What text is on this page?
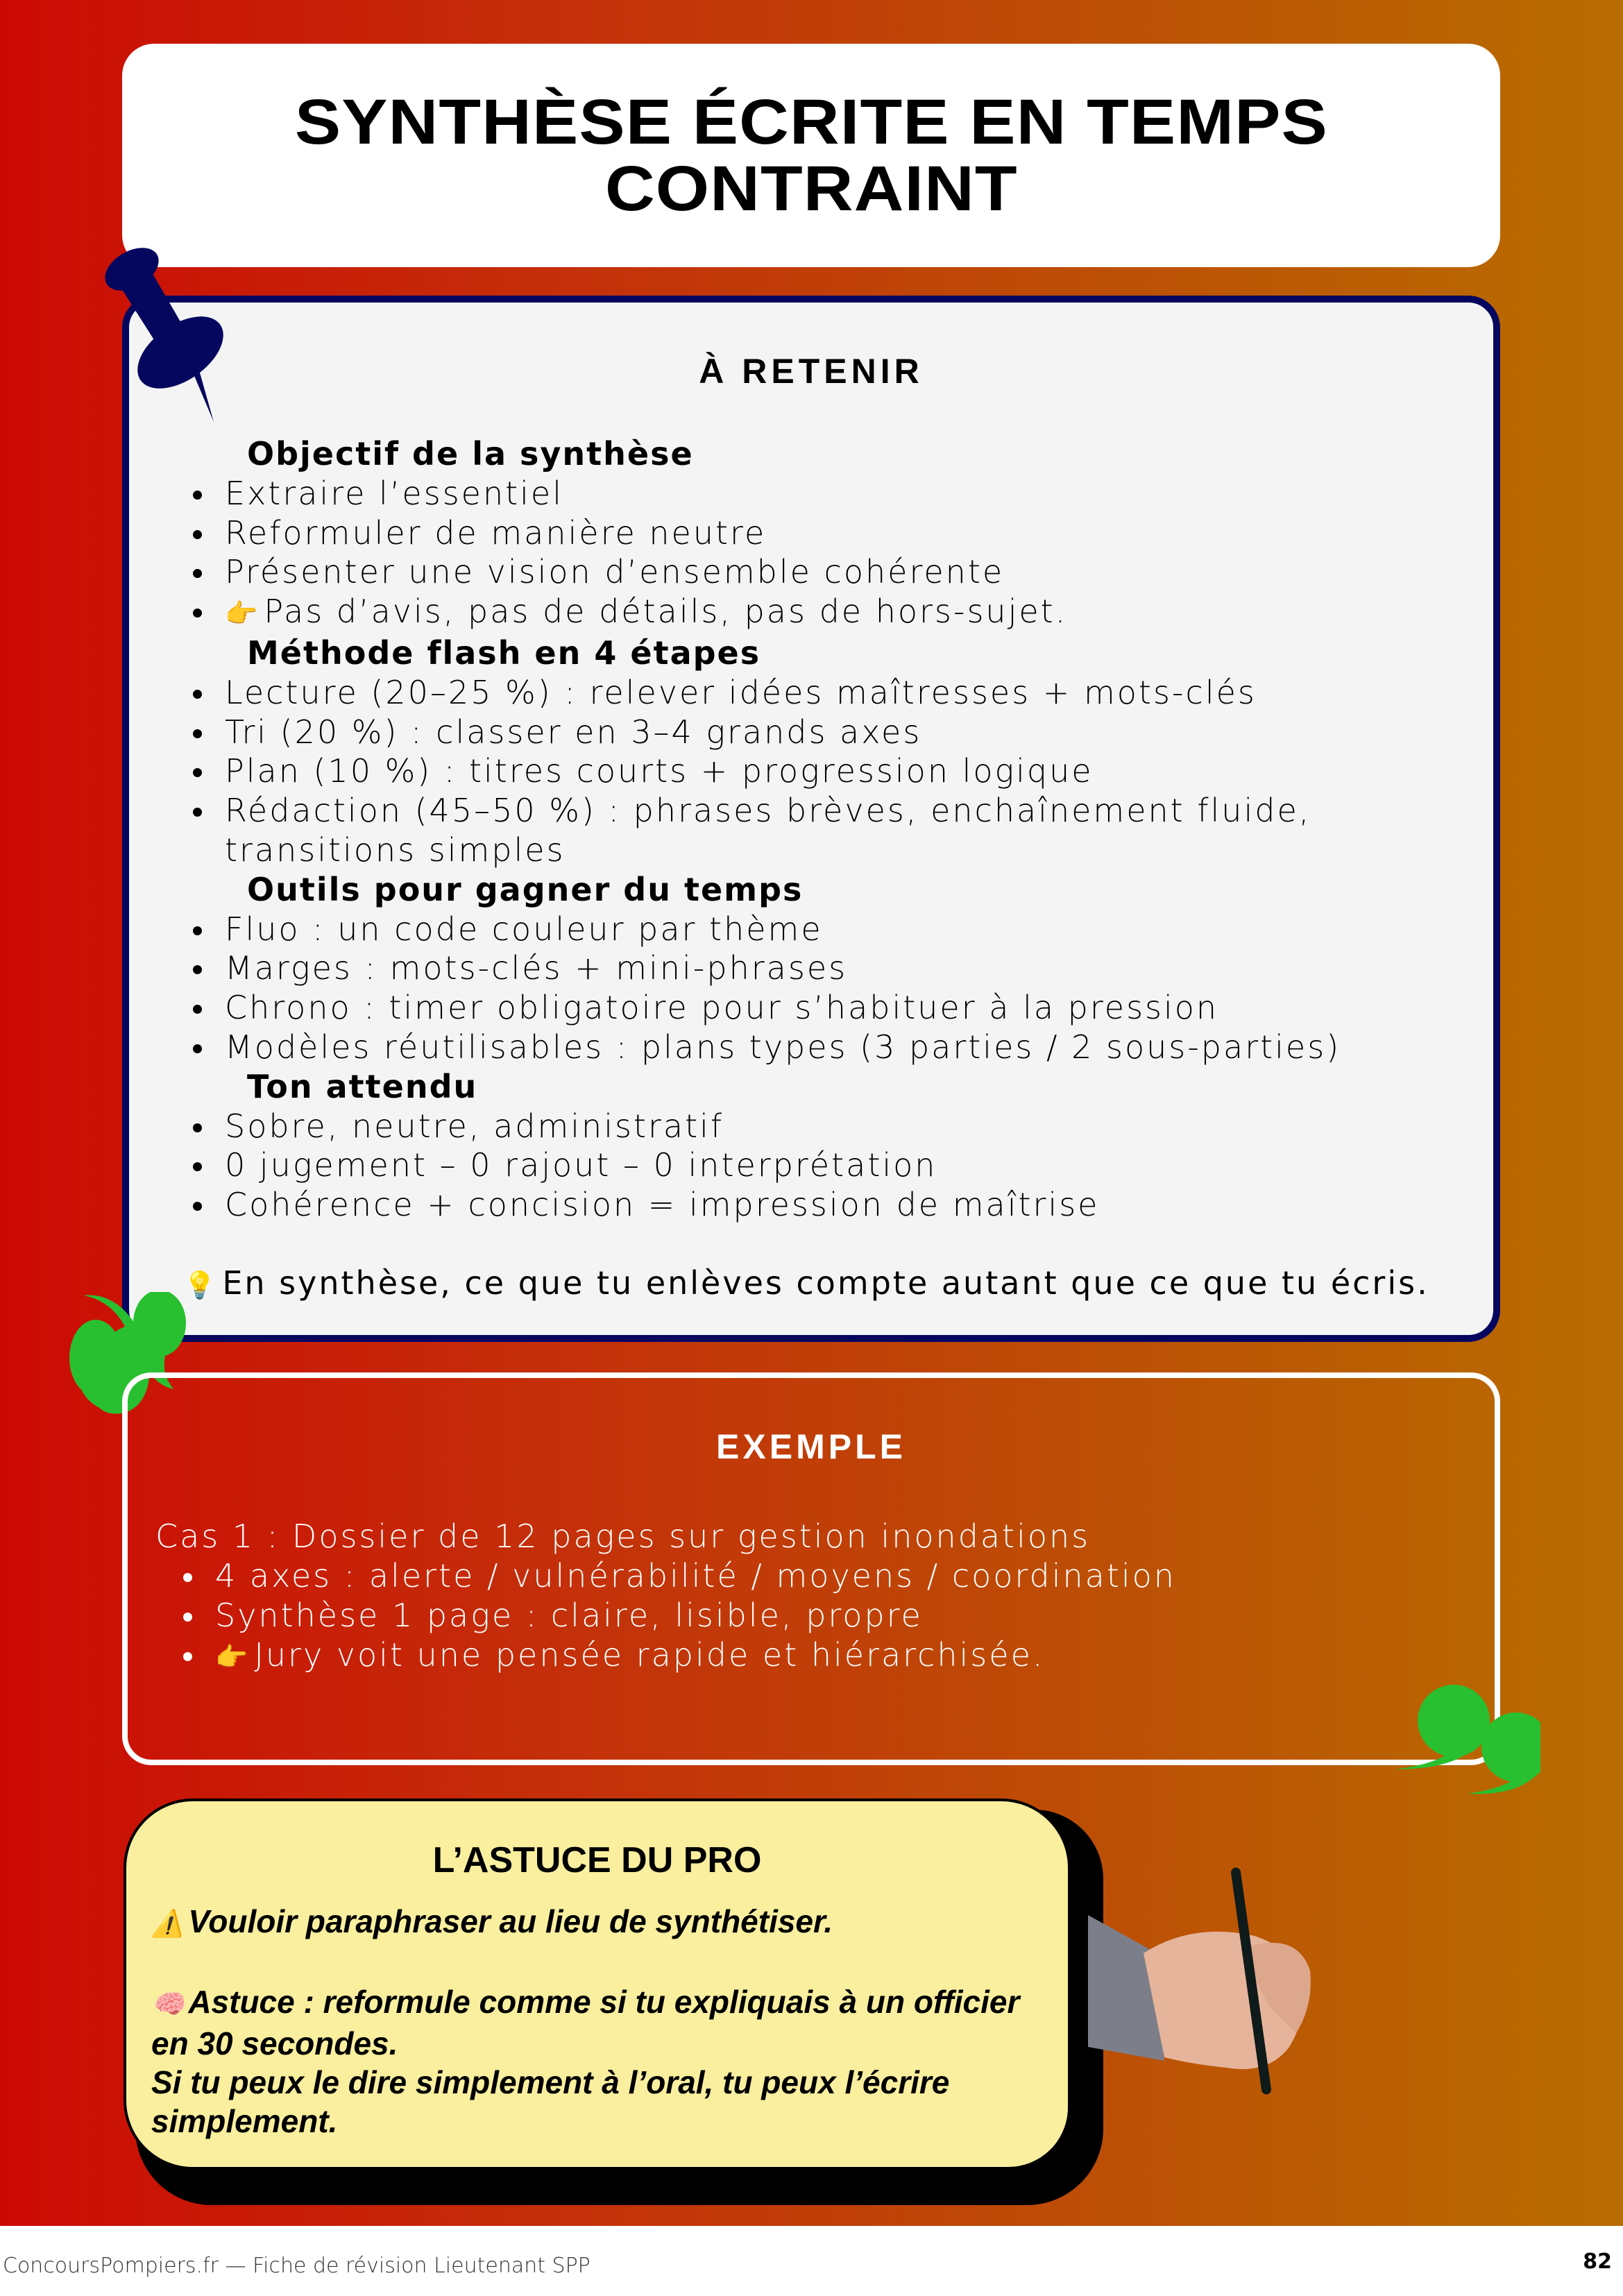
SYNTHÈSE ÉCRITE EN TEMPS
CONTRAINT
À RETENIR
Objectif de la synthèse
Extraire l’essentiel
Reformuler de manière neutre
Présenter une vision d’ensemble cohérente
👉 Pas d’avis, pas de détails, pas de hors-sujet.
Méthode flash en 4 étapes
Lecture (20–25 %) : relever idées maîtresses + mots-clés
Tri (20 %) : classer en 3–4 grands axes
Plan (10 %) : titres courts + progression logique
Rédaction (45–50 %) : phrases brèves, enchaînement fluide, transitions simples
Outils pour gagner du temps
Fluo : un code couleur par thème
Marges : mots-clés + mini-phrases
Chrono : timer obligatoire pour s’habituer à la pression
Modèles réutilisables : plans types (3 parties / 2 sous-parties)
Ton attendu
Sobre, neutre, administratif
0 jugement – 0 rajout – 0 interprétation
Cohérence + concision = impression de maîtrise
💡 En synthèse, ce que tu enlèves compte autant que ce que tu écris.
EXEMPLE
Cas 1 : Dossier de 12 pages sur gestion inondations
4 axes : alerte / vulnérabilité / moyens / coordination
Synthèse 1 page : claire, lisible, propre
👉 Jury voit une pensée rapide et hiérarchisée.
L’ASTUCE DU PRO

⚠️ Vouloir paraphraser au lieu de synthétiser.

🧠 Astuce : reformule comme si tu expliquais à un officier en 30 secondes.

Si tu peux le dire simplement à l’oral, tu peux l’écrire simplement.

ConcoursPompiers.fr — Fiche de révision Lieutenant SPP	82
